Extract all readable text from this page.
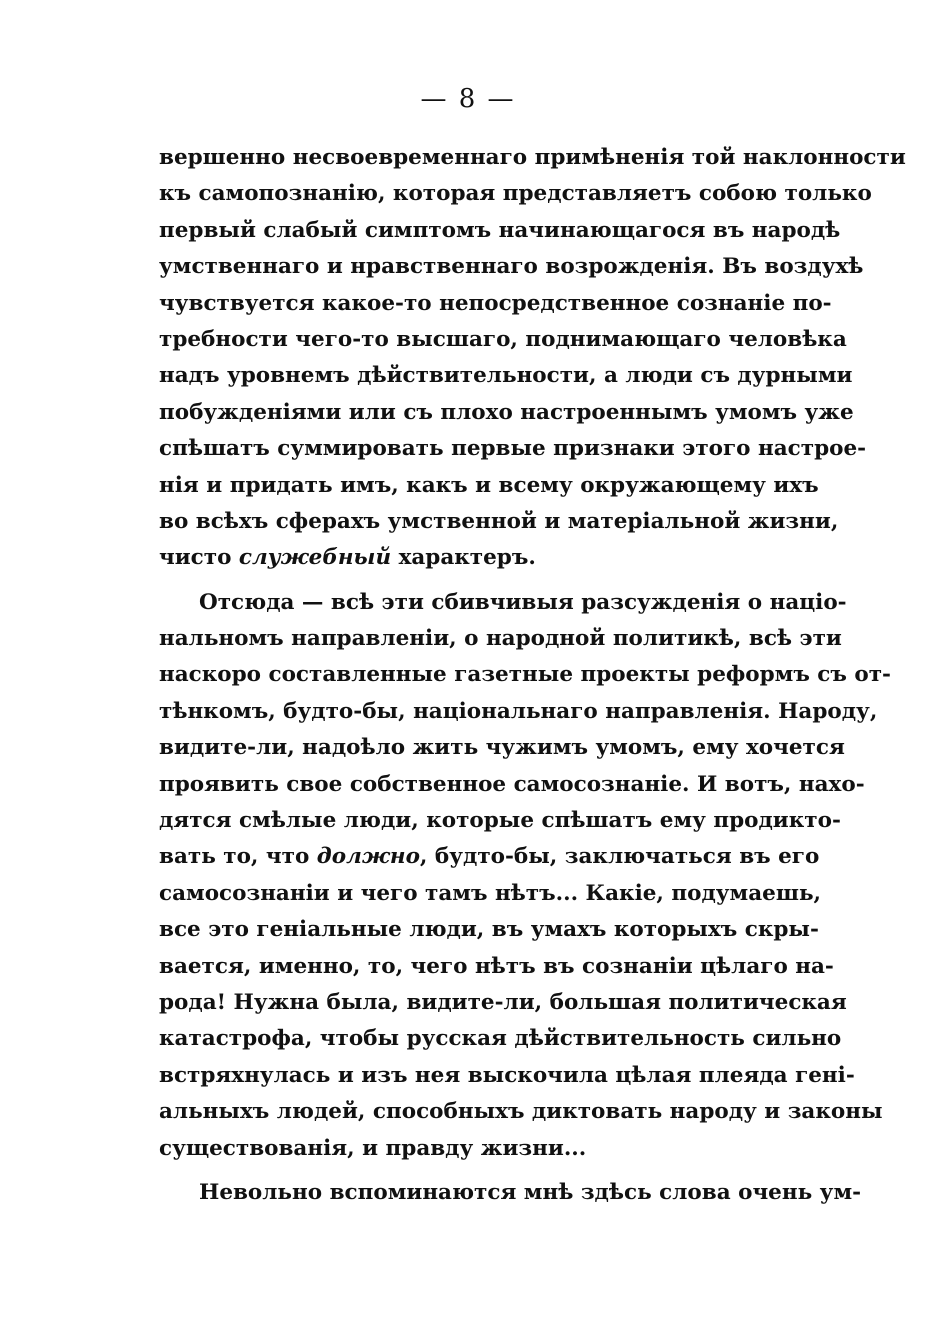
— 8 —
вершенно несвоевременнаго примѣненія той наклонности
къ самопознанію, которая представляетъ собою только
первый слабый симптомъ начинающагося въ народѣ
умственнаго и нравственнаго возрожденія. Въ воздухѣ
чувствуется какое-то непосредственное сознаніе по-
требности чего-то высшаго, поднимающаго человѣка
надъ уровнемъ дѣйствительности, а люди съ дурными
побужденіями или съ плохо настроеннымъ умомъ уже
спѣшатъ суммировать первые признаки этого настрое-
нія и придать имъ, какъ и всему окружающему ихъ
во всѣхъ сферахъ умственной и матеріальной жизни,
чисто служебный характеръ.
Отсюда — всѣ эти сбивчивыя разсужденія о націо-
нальномъ направленіи, о народной политикѣ, всѣ эти
наскоро составленные газетные проекты реформъ съ от-
тѣнкомъ, будто-бы, національнаго направленія. Народу,
видите-ли, надоѣло жить чужимъ умомъ, ему хочется
проявить свое собственное самосознаніе. И вотъ, нахо-
дятся смѣлые люди, которые спѣшатъ ему продикто-
вать то, что должно, будто-бы, заключаться въ его
самосознаніи и чего тамъ нѣтъ... Какіе, подумаешь,
все это геніальные люди, въ умахъ которыхъ скры-
вается, именно, то, чего нѣтъ въ сознаніи цѣлаго на-
рода! Нужна была, видите-ли, большая политическая
катастрофа, чтобы русская дѣйствительность сильно
встряхнулась и изъ нея выскочила цѣлая плеяда гені-
альныхъ людей, способныхъ диктовать народу и законы
существованія, и правду жизни...
Невольно вспоминаются мнѣ здѣсь слова очень ум-
